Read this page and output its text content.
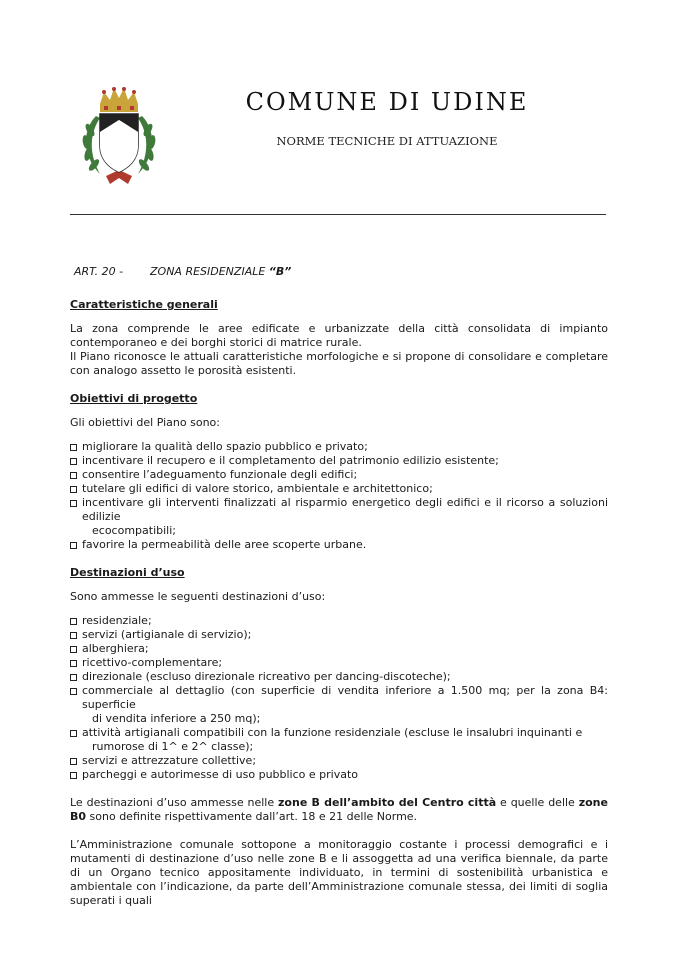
COMUNE DI UDINE
NORME TECNICHE DI ATTUAZIONE
ART. 20 - ZONA RESIDENZIALE “B”

Caratteristiche generali

La zona comprende le aree edificate e urbanizzate della città consolidata di impianto contemporaneo e dei borghi storici di matrice rurale.

Il Piano riconosce le attuali caratteristiche morfologiche e si propone di consolidare e completare con analogo assetto le porosità esistenti.

Obiettivi di progetto

Gli obiettivi del Piano sono:

migliorare la qualità dello spazio pubblico e privato;
incentivare il recupero e il completamento del patrimonio edilizio esistente;
consentire l’adeguamento funzionale degli edifici;
tutelare gli edifici di valore storico, ambientale e architettonico;
incentivare gli interventi finalizzati al risparmio energetico degli edifici e il ricorso a soluzioni edilizie
ecocompatibili;
favorire la permeabilità delle aree scoperte urbane.

Destinazioni d’uso

Sono ammesse le seguenti destinazioni d’uso:

residenziale;
servizi (artigianale di servizio);
alberghiera;
ricettivo-complementare;
direzionale (escluso direzionale ricreativo per dancing-discoteche);
commerciale al dettaglio (con superficie di vendita inferiore a 1.500 mq; per la zona B4: superficie
di vendita inferiore a 250 mq);
attività artigianali compatibili con la funzione residenziale (escluse le insalubri inquinanti e
rumorose di 1^ e 2^ classe);
servizi e attrezzature collettive;
parcheggi e autorimesse di uso pubblico e privato

Le destinazioni d’uso ammesse nelle zone B dell’ambito del Centro città e quelle delle zone B0 sono definite rispettivamente dall’art. 18 e 21 delle Norme.

L’Amministrazione comunale sottopone a monitoraggio costante i processi demografici e i mutamenti di destinazione d’uso nelle zone B e li assoggetta ad una verifica biennale, da parte di un Organo tecnico appositamente individuato, in termini di sostenibilità urbanistica e ambientale con l’indicazione, da parte dell’Amministrazione comunale stessa, dei limiti di soglia superati i quali
